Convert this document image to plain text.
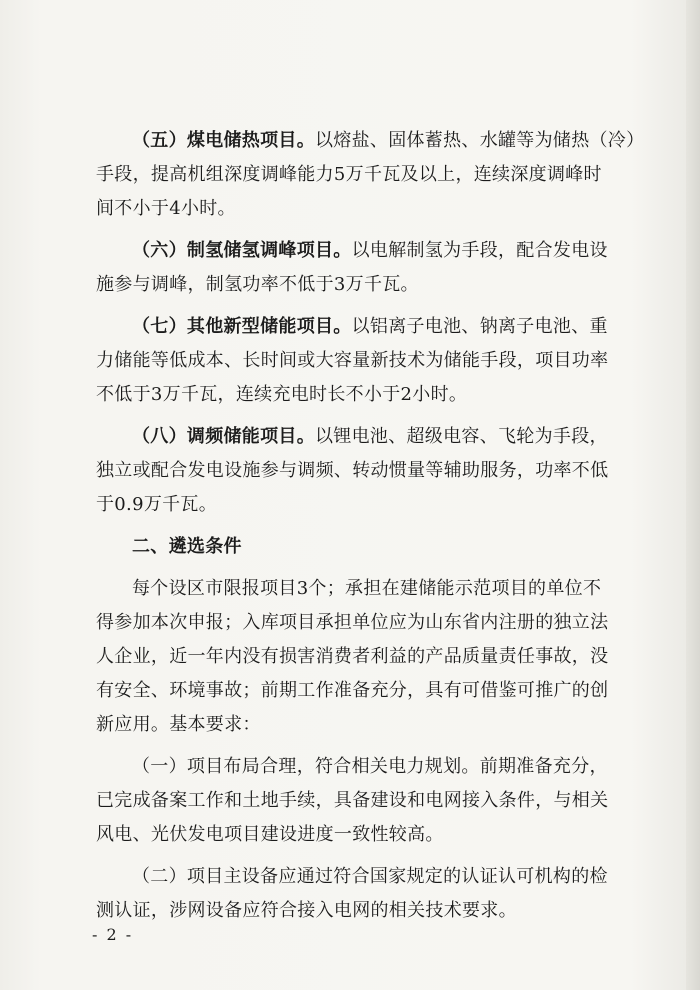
（五）煤电储热项目。以熔盐、固体蓄热、水罐等为储热（冷）
手段，提高机组深度调峰能力5万千瓦及以上，连续深度调峰时
间不小于4小时。
（六）制氢储氢调峰项目。以电解制氢为手段，配合发电设
施参与调峰，制氢功率不低于3万千瓦。
（七）其他新型储能项目。以铝离子电池、钠离子电池、重
力储能等低成本、长时间或大容量新技术为储能手段，项目功率
不低于3万千瓦，连续充电时长不小于2小时。
（八）调频储能项目。以锂电池、超级电容、飞轮为手段，
独立或配合发电设施参与调频、转动惯量等辅助服务，功率不低
于0.9万千瓦。
二、遴选条件
每个设区市限报项目3个；承担在建储能示范项目的单位不
得参加本次申报；入库项目承担单位应为山东省内注册的独立法
人企业，近一年内没有损害消费者利益的产品质量责任事故，没
有安全、环境事故；前期工作准备充分，具有可借鉴可推广的创
新应用。基本要求：
（一）项目布局合理，符合相关电力规划。前期准备充分，
已完成备案工作和土地手续，具备建设和电网接入条件，与相关
风电、光伏发电项目建设进度一致性较高。
（二）项目主设备应通过符合国家规定的认证认可机构的检
测认证，涉网设备应符合接入电网的相关技术要求。
- 2 -
